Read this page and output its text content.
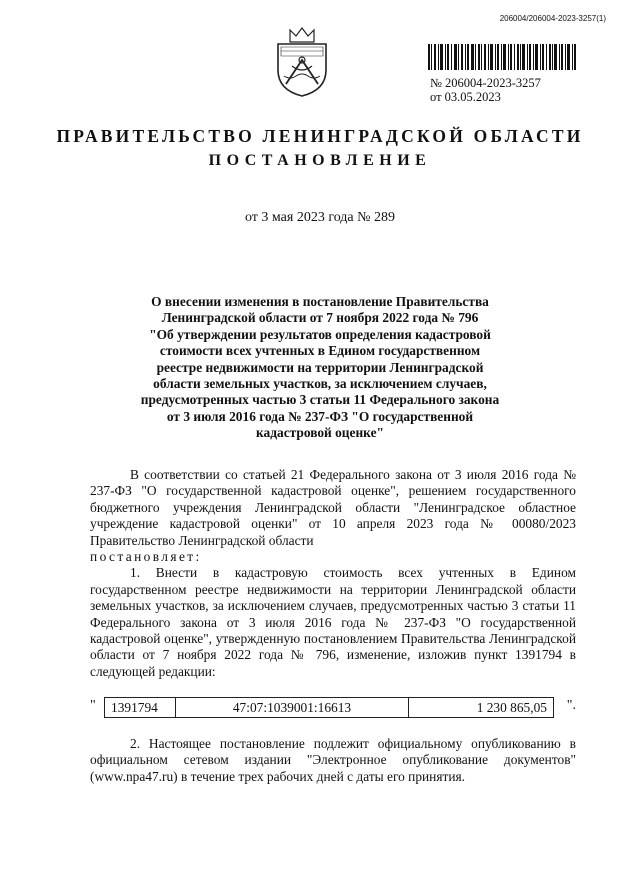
206004/206004-2023-3257(1)
№ 206004-2023-3257
от 03.05.2023
ПРАВИТЕЛЬСТВО ЛЕНИНГРАДСКОЙ ОБЛАСТИ
ПОСТАНОВЛЕНИЕ
от 3 мая 2023 года № 289
О внесении изменения в постановление Правительства
Ленинградской области от 7 ноября 2022 года № 796
"Об утверждении результатов определения кадастровой
стоимости всех учтенных в Едином государственном
реестре недвижимости на территории Ленинградской
области земельных участков, за исключением случаев,
предусмотренных частью 3 статьи 11 Федерального закона
от 3 июля 2016 года № 237-ФЗ "О государственной
кадастровой оценке"

В соответствии со статьей 21 Федерального закона от 3 июля 2016 года № 237-ФЗ "О государственной кадастровой оценке", решением государственного бюджетного учреждения Ленинградской области "Ленинградское областное учреждение кадастровой оценки" от 10 апреля 2023 года № 00080/2023 Правительство Ленинградской области

постановляет:

1. Внести в кадастровую стоимость всех учтенных в Едином государственном реестре недвижимости на территории Ленинградской области земельных участков, за исключением случаев, предусмотренных частью 3 статьи 11 Федерального закона от 3 июля 2016 года № 237-ФЗ "О государственной кадастровой оценке", утвержденную постановлением Правительства Ленинградской области от 7 ноября 2022 года № 796, изменение, изложив пункт 1391794 в следующей редакции:

" 1391794	47:07:1039001:16613	1 230 865,05 ".

2. Настоящее постановление подлежит официальному опубликованию в официальном сетевом издании "Электронное опубликование документов" (www.npa47.ru) в течение трех рабочих дней с даты его принятия.
